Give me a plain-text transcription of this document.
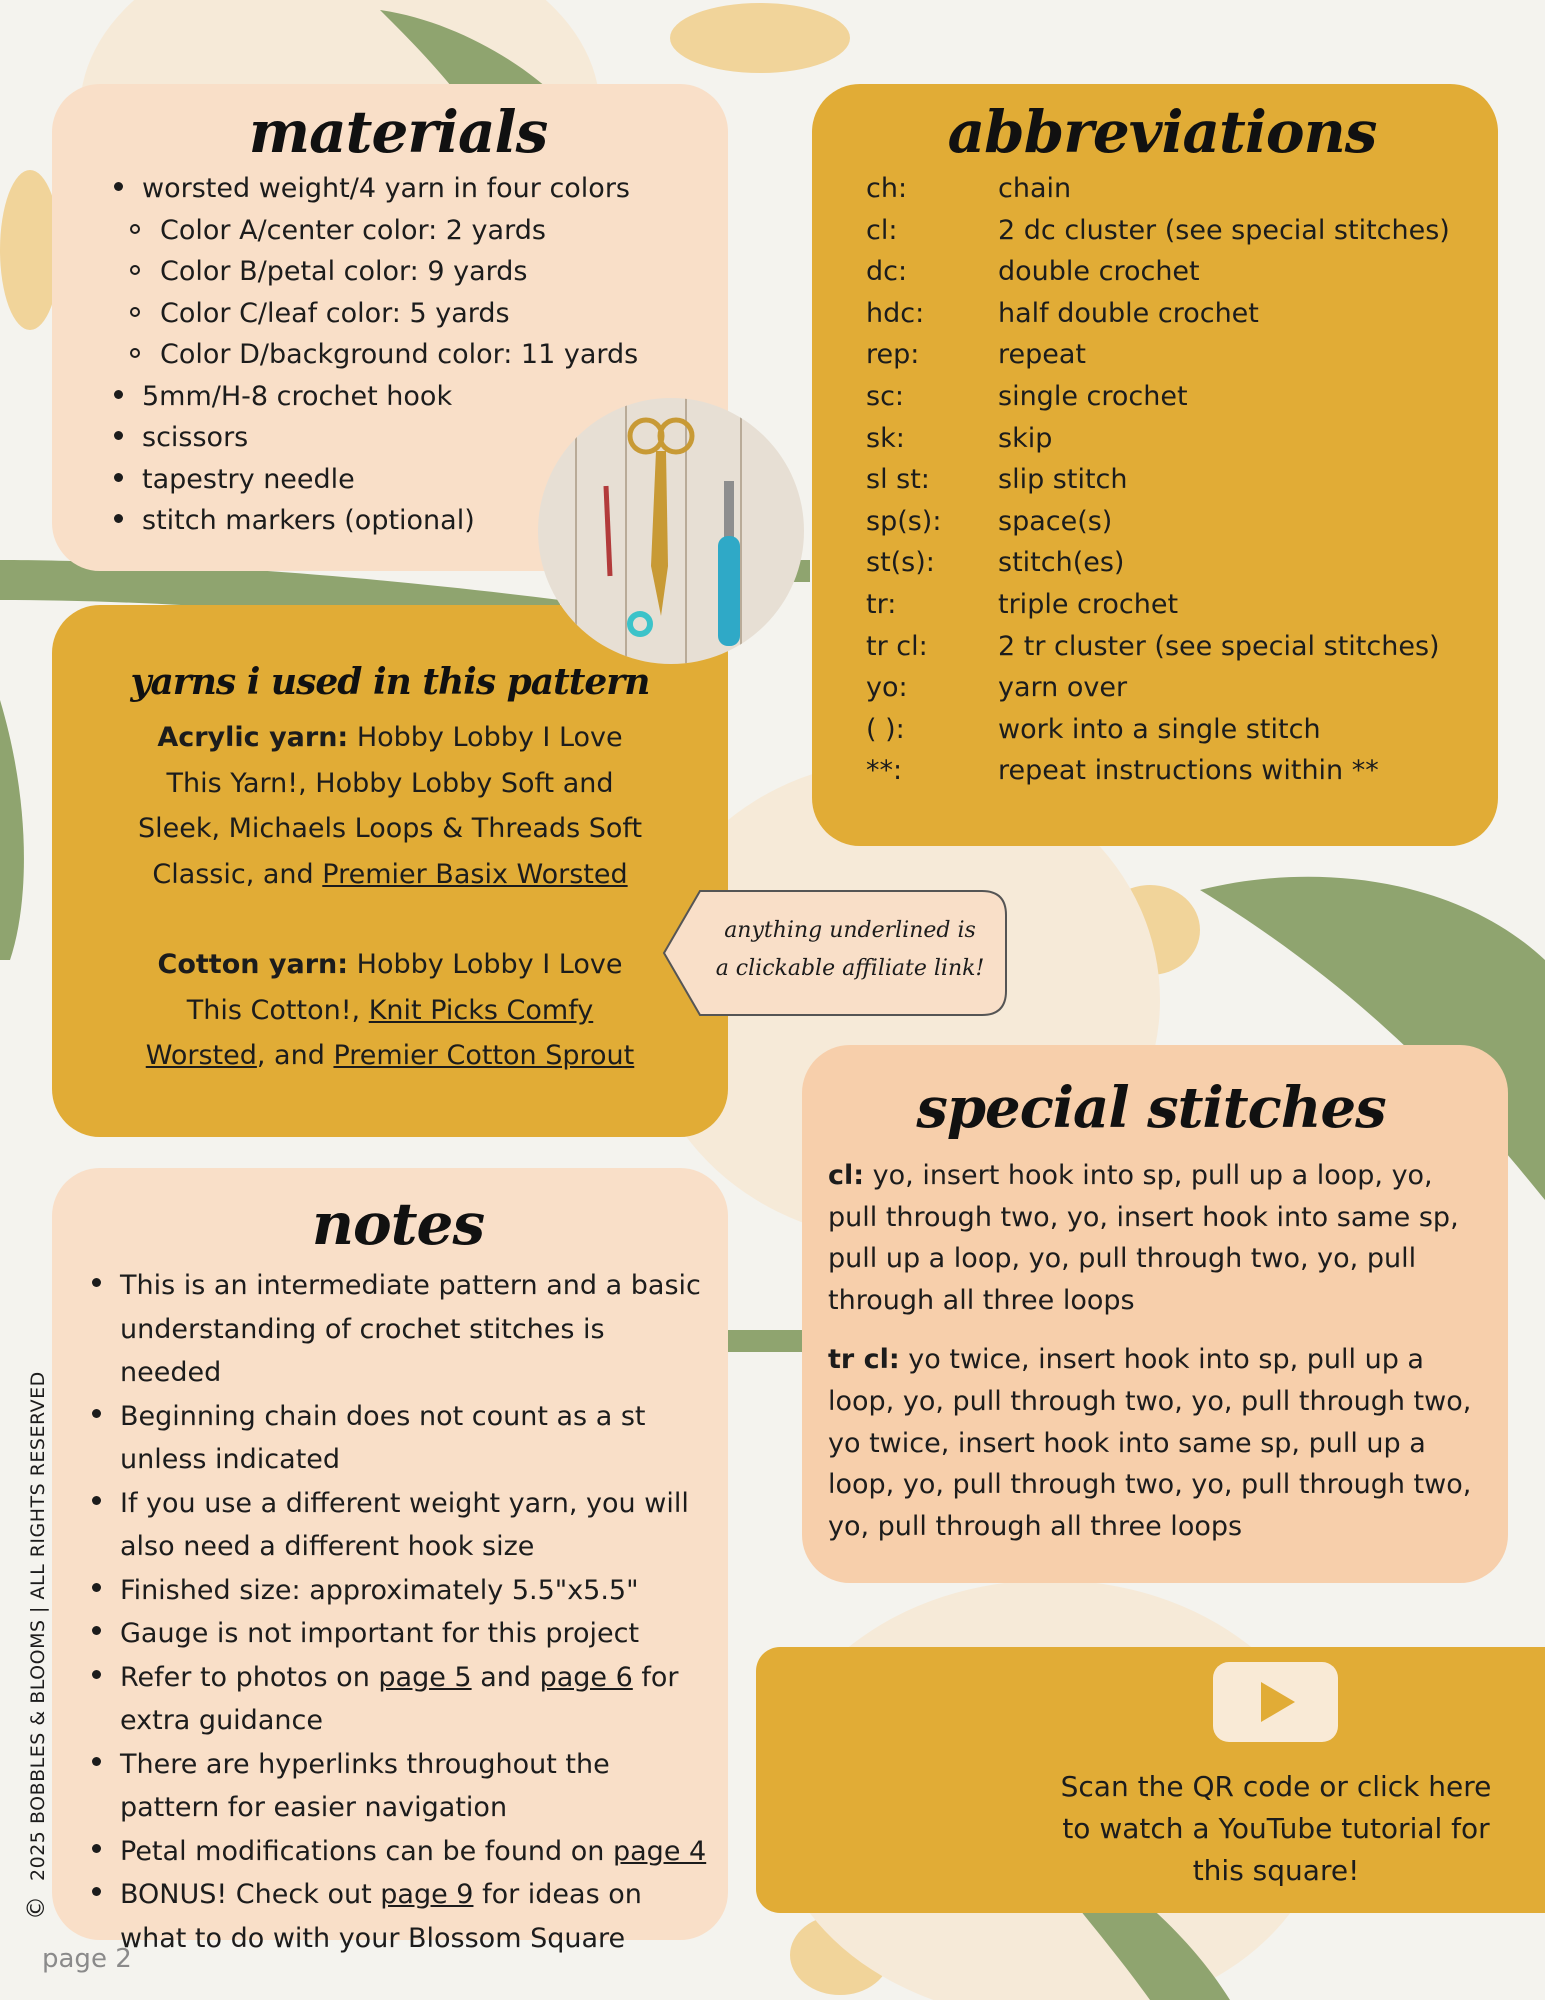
materials
worsted weight/4 yarn in four colors
Color A/center color: 2 yards
Color B/petal color: 9 yards
Color C/leaf color: 5 yards
Color D/background color: 11 yards
5mm/H-8 crochet hook
scissors
tapestry needle
stitch markers (optional)
yarns i used in this pattern

Acrylic yarn: Hobby Lobby I Love This Yarn!, Hobby Lobby Soft and Sleek, Michaels Loops & Threads Soft Classic, and Premier Basix Worsted

Cotton yarn: Hobby Lobby I Love This Cotton!, Knit Picks Comfy Worsted, and Premier Cotton Sprout

abbreviations
ch:	chain
cl:	2 dc cluster (see special stitches)
dc:	double crochet
hdc:	half double crochet
rep:	repeat
sc:	single crochet
sk:	skip
sl st:	slip stitch
sp(s):	space(s)
st(s):	stitch(es)
tr:	triple crochet
tr cl:	2 tr cluster (see special stitches)
yo:	yarn over
( ):	work into a single stitch
**:	repeat instructions within **
anything underlined is
a clickable affiliate link!
special stitches

cl: yo, insert hook into sp, pull up a loop, yo, pull through two, yo, insert hook into same sp, pull up a loop, yo, pull through two, yo, pull through all three loops

tr cl: yo twice, insert hook into sp, pull up a loop, yo, pull through two, yo, pull through two, yo twice, insert hook into same sp, pull up a loop, yo, pull through two, yo, pull through two, yo, pull through all three loops

notes
This is an intermediate pattern and a basic understanding of crochet stitches is needed
Beginning chain does not count as a st unless indicated
If you use a different weight yarn, you will also need a different hook size
Finished size: approximately 5.5"x5.5"
Gauge is not important for this project
Refer to photos on page 5 and page 6 for extra guidance
There are hyperlinks throughout the pattern for easier navigation
Petal modifications can be found on page 4
BONUS! Check out page 9 for ideas on what to do with your Blossom Square
Scan the QR code or click here to watch a YouTube tutorial for this square!
© 2025 BOBBLES & BLOOMS | ALL RIGHTS RESERVED
page 2
